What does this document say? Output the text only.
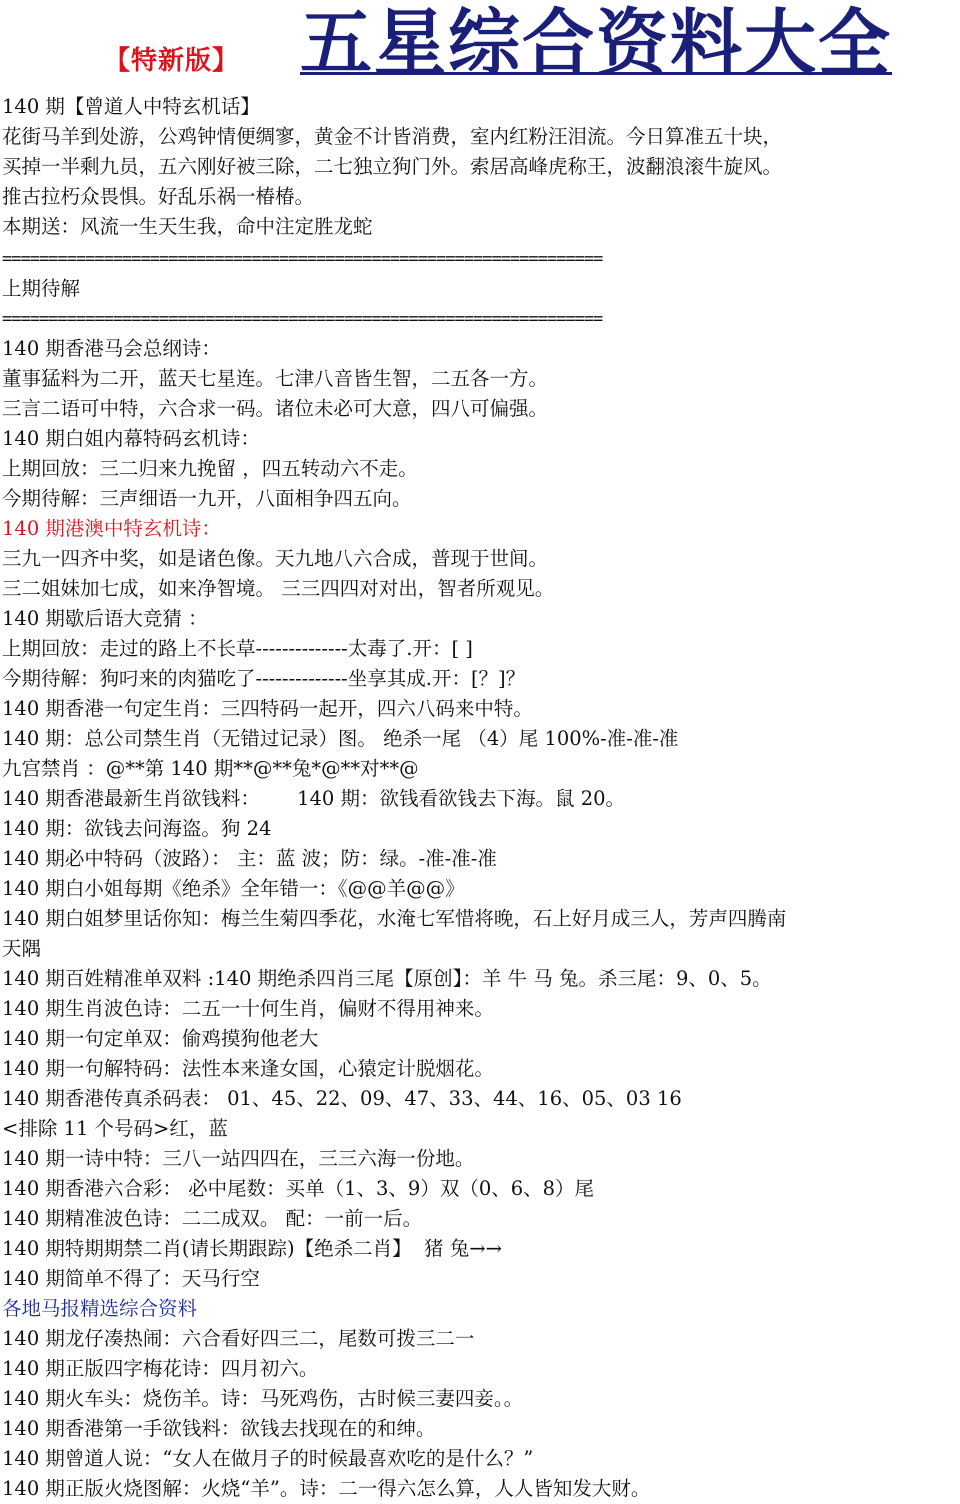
【特新版】 五星综合资料大全
140 期【曾道人中特玄机话】
花街马羊到处游，公鸡钟情便绸寥，黄金不计皆消费，室内红粉汪泪流。今日算准五十块，
买掉一半剩九员，五六刚好被三除，二七独立狗门外。索居高峰虎称王，波翻浪滚牛旋风。
推古拉朽众畏惧。好乱乐祸一椿椿。
本期送：风流一生天生我，命中注定胜龙蛇
=================================================================
上期待解
=================================================================
140 期香港马会总纲诗：
董事猛料为二开，蓝天七星连。七津八音皆生智，二五各一方。
三言二语可中特，六合求一码。诸位未必可大意，四八可偏强。
140 期白姐内幕特码玄机诗：
上期回放：三二归来九挽留 ，四五转动六不走。
今期待解：三声细语一九开，八面相争四五向。
140 期港澳中特玄机诗：
三九一四齐中奖，如是诸色像。天九地八六合成，普现于世间。
三二姐妹加七成，如来净智境。 三三四四对对出，智者所观见。
140 期歇后语大竞猜 ：
上期回放：走过的路上不长草--------------太毒了.开：[ ]
今期待解：狗叼来的肉猫吃了--------------坐享其成.开：[？]？
140 期香港一句定生肖：三四特码一起开，四六八码来中特。
140 期：总公司禁生肖（无错过记录）图。 绝杀一尾 （4）尾 100%-准-准-准
九宫禁肖 ：@**第 140 期**@**兔*@**对**@
140 期香港最新生肖欲钱料：      140 期：欲钱看欲钱去下海。鼠 20。
140 期：欲钱去问海盗。狗 24
140 期必中特码（波路）： 主：蓝 波；防：绿。-准-准-准
140 期白小姐每期《绝杀》全年错一：《@@羊@@》
140 期白姐梦里话你知：梅兰生菊四季花，水淹七军惜将晚，石上好月成三人，芳声四腾南
天隅
140 期百姓精准单双料 :140 期绝杀四肖三尾【原创】：羊 牛 马 兔。杀三尾：9、0、5。
140 期生肖波色诗：二五一十何生肖，偏财不得用神来。
140 期一句定单双：偷鸡摸狗他老大
140 期一句解特码：法性本来逢女国，心猿定计脱烟花。
140 期香港传真杀码表： 01、45、22、09、47、33、44、16、05、03 16
<排除 11 个号码>红，蓝
140 期一诗中特：三八一站四四在，三三六海一份地。
140 期香港六合彩： 必中尾数：买单（1、3、9）双（0、6、8）尾
140 期精准波色诗：二二成双。 配：一前一后。
140 期特期期禁二肖(请长期跟踪)【绝杀二肖】  猪 兔→→
140 期简单不得了：天马行空
各地马报精选综合资料
140 期龙仔凑热闹：六合看好四三二，尾数可拨三二一
140 期正版四字梅花诗：四月初六。
140 期火车头：烧伤羊。诗：马死鸡伤，古时候三妻四妾。。
140 期香港第一手欲钱料：欲钱去找现在的和绅。
140 期曾道人说：“女人在做月子的时候最喜欢吃的是什么？”
140 期正版火烧图解：火烧“羊”。诗：二一得六怎么算，人人皆知发大财。
